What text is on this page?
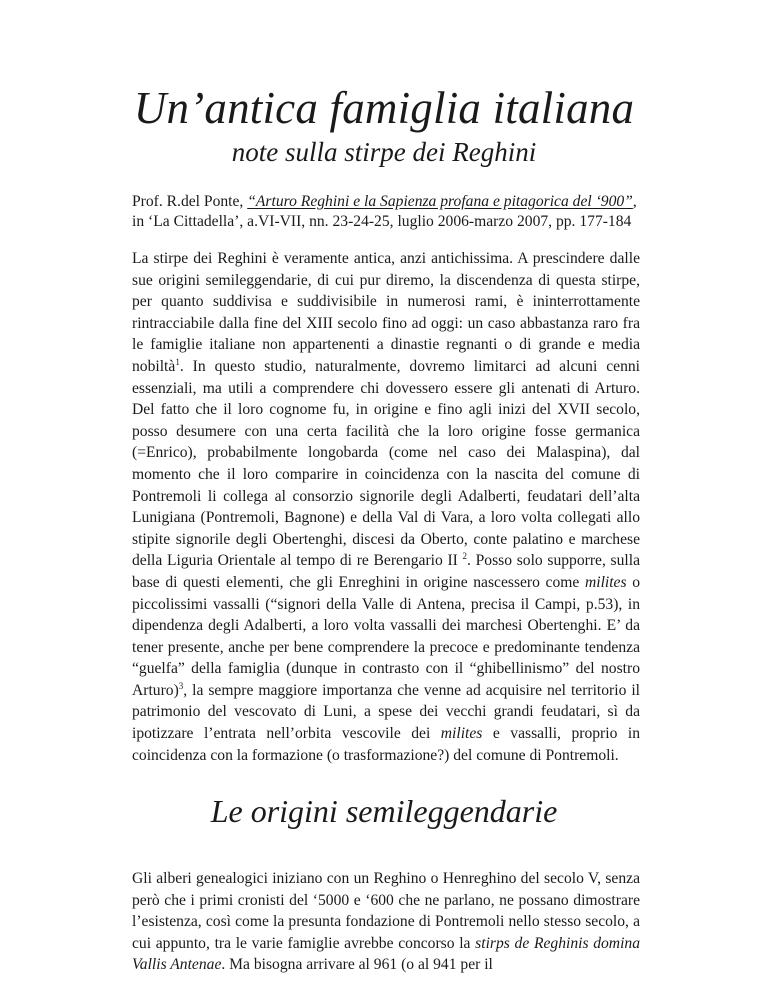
Un’antica famiglia italiana
note sulla stirpe dei Reghini
Prof. R.del Ponte, “Arturo Reghini e la Sapienza profana e pitagorica del ‘900”, in ‘La Cittadella’, a.VI-VII, nn. 23-24-25, luglio 2006-marzo 2007, pp. 177-184
La stirpe dei Reghini è veramente antica, anzi antichissima. A prescindere dalle sue origini semileggendarie, di cui pur diremo, la discendenza di questa stirpe, per quanto suddivisa e suddivisibile in numerosi rami, è ininterrottamente rintracciabile dalla fine del XIII secolo fino ad oggi: un caso abbastanza raro fra le famiglie italiane non appartenenti a dinastie regnanti o di grande e media nobiltà$^1$. In questo studio, naturalmente, dovremo limitarci ad alcuni cenni essenziali, ma utili a comprendere chi dovessero essere gli antenati di Arturo. Del fatto che il loro cognome fu, in origine e fino agli inizi del XVII secolo, posso desumere con una certa facilità che la loro origine fosse germanica (=Enrico), probabilmente longobarda (come nel caso dei Malaspina), dal momento che il loro comparire in coincidenza con la nascita del comune di Pontremoli li collega al consorzio signorile degli Adalberti, feudatari dell’alta Lunigiana (Pontremoli, Bagnone) e della Val di Vara, a loro volta collegati allo stipite signorile degli Obertenghi, discesi da Oberto, conte palatino e marchese della Liguria Orientale al tempo di re Berengario II $^2$. Posso solo supporre, sulla base di questi elementi, che gli Enreghini in origine nascessero come milites o piccolissimi vassalli (“signori della Valle di Antena, precisa il Campi, p.53), in dipendenza degli Adalberti, a loro volta vassalli dei marchesi Obertenghi. E’ da tener presente, anche per bene comprendere la precoce e predominante tendenza “guelfa” della famiglia (dunque in contrasto con il “ghibellinismo” del nostro Arturo)$^3$, la sempre maggiore importanza che venne ad acquisire nel territorio il patrimonio del vescovato di Luni, a spese dei vecchi grandi feudatari, sì da ipotizzare l’entrata nell’orbita vescovile dei milites e vassalli, proprio in coincidenza con la formazione (o trasformazione?) del comune di Pontremoli.
Le origini semileggendarie
Gli alberi genealogici iniziano con un Reghino o Henreghino del secolo V, senza però che i primi cronisti del ‘5000 e ‘600 che ne parlano, ne possano dimostrare l’esistenza, così come la presunta fondazione di Pontremoli nello stesso secolo, a cui appunto, tra le varie famiglie avrebbe concorso la stirps de Reghinis domina Vallis Antenae. Ma bisogna arrivare al 961 (o al 941 per il
